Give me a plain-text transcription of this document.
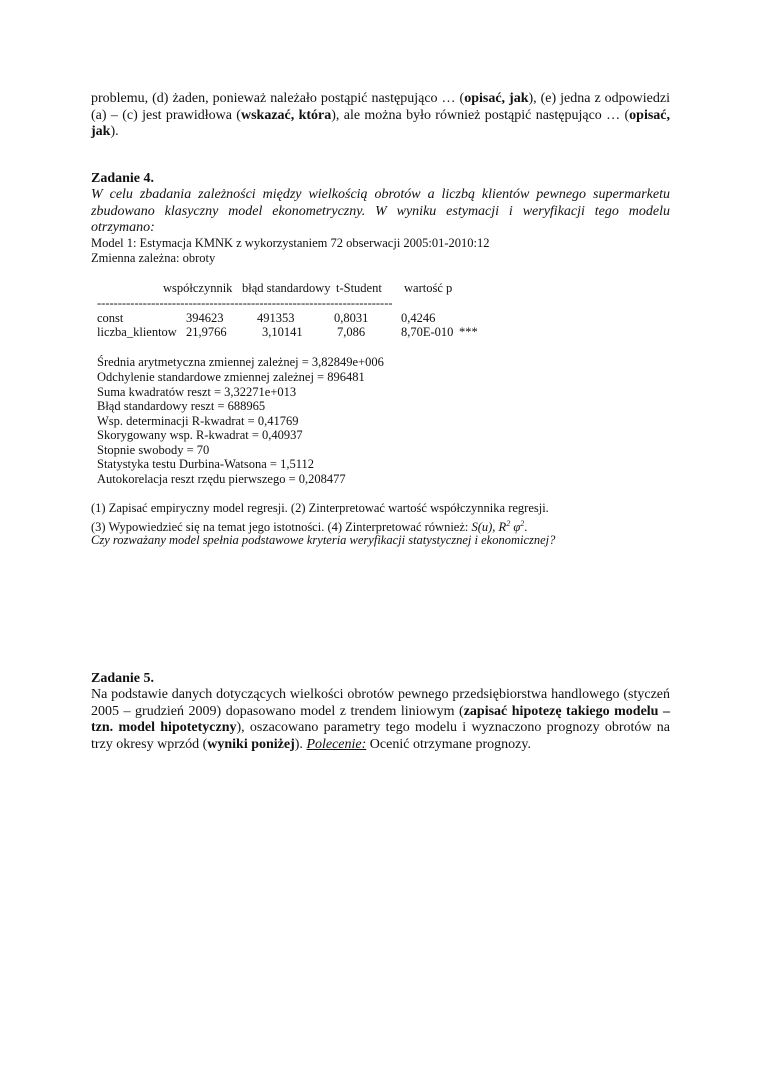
problemu, (d) żaden, ponieważ należało postąpić następująco … (opisać, jak), (e) jedna z odpowiedzi (a) – (c) jest prawidłowa (wskazać, która), ale można było również postąpić następująco … (opisać, jak).

Zadanie 4.

W celu zbadania zależności między wielkością obrotów a liczbą klientów pewnego supermarketu zbudowano klasyczny model ekonometryczny. W wyniku estymacji i weryfikacji tego modelu otrzymano:

Model 1: Estymacja KMNK z wykorzystaniem 72 obserwacji 2005:01-2010:12
Zmienna zależna: obroty
współczynnik błąd standardowy t-Student wartość p
-----------------------------------------------------------------------
const	394623	491353	0,8031	0,4246
liczba_klientow 21,9766	3,10141	7,086	8,70E-010 ***
Średnia arytmetyczna zmiennej zależnej = 3,82849e+006
Odchylenie standardowe zmiennej zależnej = 896481
Suma kwadratów reszt = 3,32271e+013
Błąd standardowy reszt = 688965
Wsp. determinacji R-kwadrat = 0,41769
Skorygowany wsp. R-kwadrat = 0,40937
Stopnie swobody = 70
Statystyka testu Durbina-Watsona = 1,5112
Autokorelacja reszt rzędu pierwszego = 0,208477
(1) Zapisać empiryczny model regresji. (2) Zinterpretować wartość współczynnika regresji.
(3) Wypowiedzieć się na temat jego istotności. (4) Zinterpretować również: S(u), $R^2$ $\varphi^2$.
Czy rozważany model spełnia podstawowe kryteria weryfikacji statystycznej i ekonomicznej?
Zadanie 5.

Na podstawie danych dotyczących wielkości obrotów pewnego przedsiębiorstwa handlowego (styczeń 2005 – grudzień 2009) dopasowano model z trendem liniowym (zapisać hipotezę takiego modelu – tzn. model hipotetyczny), oszacowano parametry tego modelu i wyznaczono prognozy obrotów na trzy okresy wprzód (wyniki poniżej). Polecenie: Ocenić otrzymane prognozy.
